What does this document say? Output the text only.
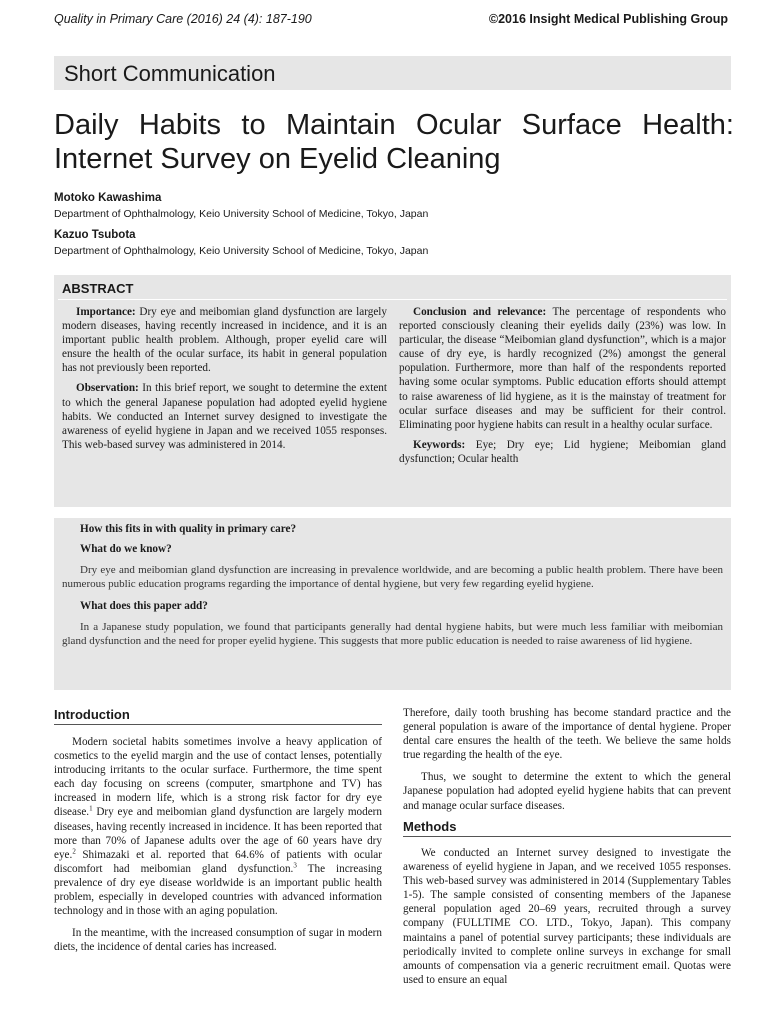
Quality in Primary Care (2016) 24 (4): 187-190	©2016 Insight Medical Publishing Group
Short Communication
Daily Habits to Maintain Ocular Surface Health: Internet Survey on Eyelid Cleaning
Motoko Kawashima
Department of Ophthalmology, Keio University School of Medicine, Tokyo, Japan
Kazuo Tsubota
Department of Ophthalmology, Keio University School of Medicine, Tokyo, Japan
ABSTRACT

Importance: Dry eye and meibomian gland dysfunction are largely modern diseases, having recently increased in incidence, and it is an important public health problem. Although, proper eyelid care will ensure the health of the ocular surface, its habit in general population has not previously been reported.

Observation: In this brief report, we sought to determine the extent to which the general Japanese population had adopted eyelid hygiene habits. We conducted an Internet survey designed to investigate the awareness of eyelid hygiene in Japan and we received 1055 responses. This web-based survey was administered in 2014.

Conclusion and relevance: The percentage of respondents who reported consciously cleaning their eyelids daily (23%) was low. In particular, the disease “Meibomian gland dysfunction”, which is a major cause of dry eye, is hardly recognized (2%) amongst the general population. Furthermore, more than half of the respondents reported having some ocular symptoms. Public education efforts should attempt to raise awareness of lid hygiene, as it is the mainstay of treatment for ocular surface diseases and may be sufficient for their control. Eliminating poor hygiene habits can result in a healthy ocular surface.

Keywords: Eye; Dry eye; Lid hygiene; Meibomian gland dysfunction; Ocular health

How this fits in with quality in primary care?
What do we know?
Dry eye and meibomian gland dysfunction are increasing in prevalence worldwide, and are becoming a public health problem. There have been numerous public education programs regarding the importance of dental hygiene, but very few regarding eyelid hygiene.
What does this paper add?
In a Japanese study population, we found that participants generally had dental hygiene habits, but were much less familiar with meibomian gland dysfunction and the need for proper eyelid hygiene. This suggests that more public education is needed to raise awareness of lid hygiene.
Introduction

Modern societal habits sometimes involve a heavy application of cosmetics to the eyelid margin and the use of contact lenses, potentially introducing irritants to the ocular surface. Furthermore, the time spent each day focusing on screens (computer, smartphone and TV) has increased in modern life, which is a strong risk factor for dry eye disease.$^1$ Dry eye and meibomian gland dysfunction are largely modern diseases, having recently increased in incidence. It has been reported that more than 70% of Japanese adults over the age of 60 years have dry eye.$^2$ Shimazaki et al. reported that 64.6% of patients with ocular discomfort had meibomian gland dysfunction.$^3$ The increasing prevalence of dry eye disease worldwide is an important public health problem, especially in developed countries with advanced information technology and in those with an aging population.

In the meantime, with the increased consumption of sugar in modern diets, the incidence of dental caries has increased.

Therefore, daily tooth brushing has become standard practice and the general population is aware of the importance of dental hygiene. Proper dental care ensures the health of the teeth. We believe the same holds true regarding the health of the eye.

Thus, we sought to determine the extent to which the general Japanese population had adopted eyelid hygiene habits that can prevent and manage ocular surface diseases.

Methods

We conducted an Internet survey designed to investigate the awareness of eyelid hygiene in Japan, and we received 1055 responses. This web-based survey was administered in 2014 (Supplementary Tables 1-5). The sample consisted of consenting members of the Japanese general population aged 20–69 years, recruited through a survey company (FULLTIME CO. LTD., Tokyo, Japan). This company maintains a panel of potential survey participants; these individuals are periodically invited to complete online surveys in exchange for small amounts of compensation via a generic recruitment email. Quotas were used to ensure an equal
